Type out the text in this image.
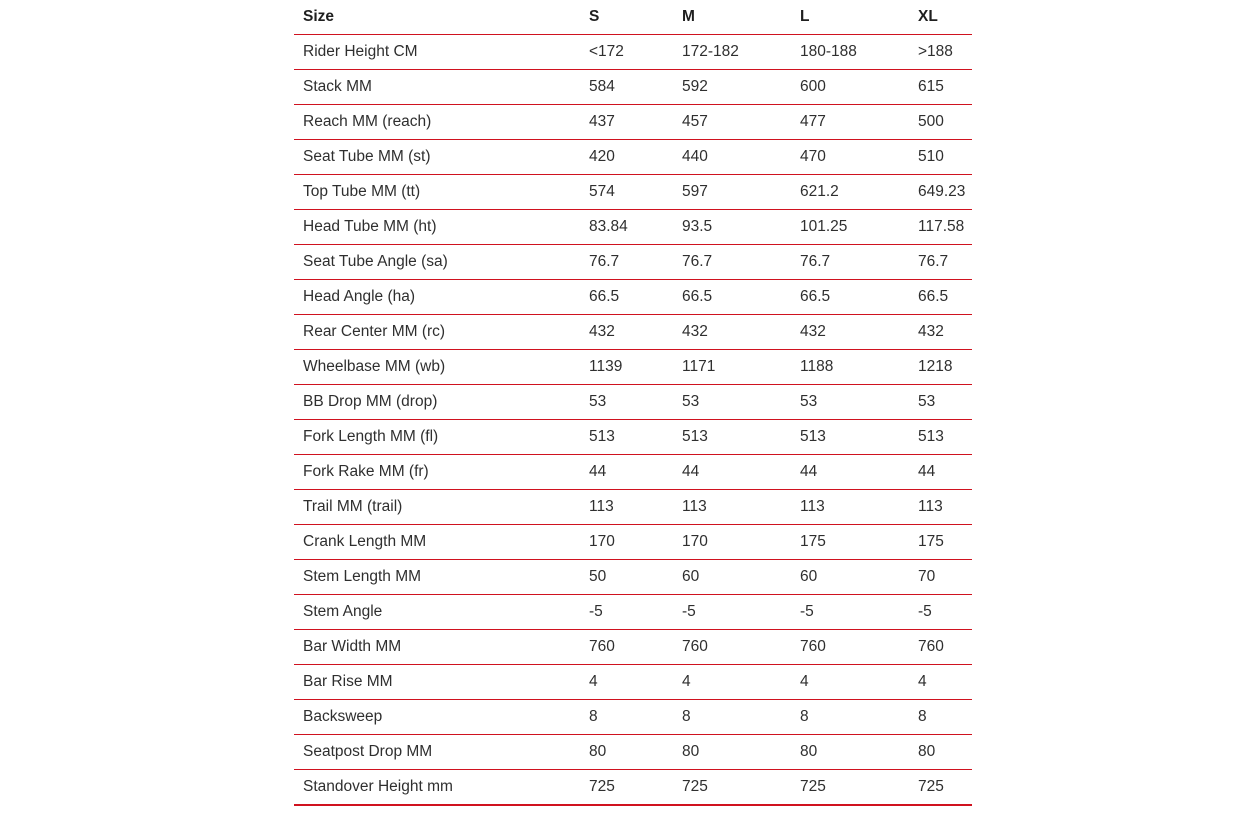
Size	S	M	L	XL
Rider Height CM	<172	172-182	180-188	>188
Stack MM	584	592	600	615
Reach MM (reach)	437	457	477	500
Seat Tube MM (st)	420	440	470	510
Top Tube MM (tt)	574	597	621.2	649.23
Head Tube MM (ht)	83.84	93.5	101.25	117.58
Seat Tube Angle (sa)	76.7	76.7	76.7	76.7
Head Angle (ha)	66.5	66.5	66.5	66.5
Rear Center MM (rc)	432	432	432	432
Wheelbase MM (wb)	1139	1171	1188	1218
BB Drop MM (drop)	53	53	53	53
Fork Length MM (fl)	513	513	513	513
Fork Rake MM (fr)	44	44	44	44
Trail MM (trail)	113	113	113	113
Crank Length MM	170	170	175	175
Stem Length MM	50	60	60	70
Stem Angle	-5	-5	-5	-5
Bar Width MM	760	760	760	760
Bar Rise MM	4	4	4	4
Backsweep	8	8	8	8
Seatpost Drop MM	80	80	80	80
Standover Height mm	725	725	725	725
